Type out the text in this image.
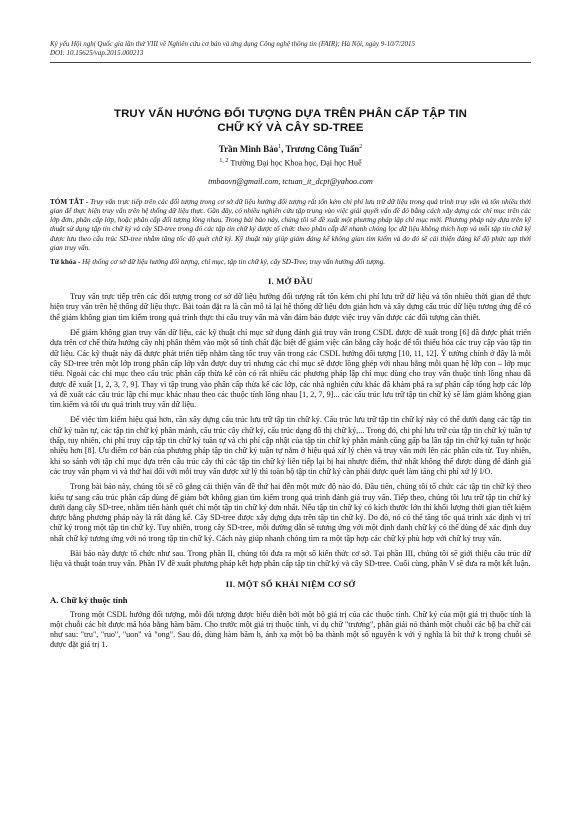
Kỷ yếu Hội nghị Quốc gia lần thứ VIII về Nghiên cứu cơ bản và ứng dụng Công nghệ thông tin (FAIR); Hà Nội, ngày 9-10/7/2015
DOI: 10.15625/vap.2015.000213
TRUY VẤN HƯỚNG ĐỐI TƯỢNG DỰA TRÊN PHÂN CẤP TẬP TIN
CHỮ KÝ VÀ CÂY SD-TREE
Trần Minh Bảo$^1$, Trương Công Tuấn$^2$
$^{1, 2}$ Trường Đại học Khoa học, Đại học Huế
tmbaovn@gmail.com, tctuan_it_dcpt@yahoo.com
TÓM TẮT - Truy vấn trực tiếp trên các đối tượng trong cơ sở dữ liệu hướng đối tượng rất tốn kém chi phí lưu trữ dữ liệu trong quá trình truy vấn và tốn nhiều thời gian để thực hiện truy vấn trên hệ thống dữ liệu thực. Gần đây, có nhiều nghiên cứu tập trung vào việc giải quyết vấn đề đó bằng cách xây dựng các chỉ mục trên các lớp đơn, phân cấp lớp, hoặc phân cấp đối tượng lồng nhau. Trong bài báo này, chúng tôi sẽ đề xuất một phương pháp lập chỉ mục mới. Phương pháp này dựa trên kỹ thuật sử dụng tập tin chữ ký và cây SD-tree trong đó các tập tin chữ ký được tổ chức theo phân cấp để nhanh chóng lọc dữ liệu không thích hợp và mỗi tập tin chữ ký được lưu theo cấu trúc SD-tree nhằm tăng tốc độ quét chữ ký. Kỹ thuật này giúp giảm đáng kể không gian tìm kiếm và do đó sẽ cải thiện đáng kể độ phức tạp thời gian truy vấn.
Từ khóa - Hệ thống cơ sở dữ liệu hướng đối tượng, chỉ mục, tập tin chữ ký, cây SD-Tree, truy vấn hướng đối tượng.
I. MỞ ĐẦU

Truy vấn trực tiếp trên các đối tượng trong cơ sở dữ liệu hướng đối tượng rất tốn kém chi phí lưu trữ dữ liệu và tốn nhiều thời gian để thực hiện truy vấn trên hệ thống dữ liệu thực. Bài toán đặt ra là cần mô tả lại hệ thống dữ liệu đơn giản hơn và xây dựng cấu trúc dữ liệu tương ứng để có thể giảm không gian tìm kiếm trong quá trình thực thi câu truy vấn mà vẫn đảm bảo được việc truy vấn được các đối tượng cần thiết.

Để giảm không gian truy vấn dữ liệu, các kỹ thuật chỉ mục sử dụng đánh giá truy vấn trong CSDL được đề xuất trong [6] đã được phát triển dựa trên cơ chế thừa hưởng cây nhị phân thêm vào một số tính chất đặc biệt để giảm việc cân bằng cây hoặc để tối thiểu hóa các truy cập vào tập tin dữ liệu. Các kỹ thuật này đã được phát triển tiếp nhằm tăng tốc truy vấn trong các CSDL hướng đối tượng [10, 11, 12]. Ý tưởng chính ở đây là mỗi cây SD-tree trên một lớp trong phân cấp lớp vẫn được duy trì nhưng các chỉ mục sẽ được lồng ghép với nhau bằng mỗi quan hệ lớp con – lớp mục tiêu. Ngoài các chỉ mục theo cấu trúc phân cấp thừa kế còn có rất nhiều các phương pháp lập chỉ mục dùng cho truy vấn thuộc tính lồng nhau đã được đề xuất [1, 2, 3, 7, 9]. Thay vì tập trung vào phân cấp thừa kế các lớp, các nhà nghiên cứu khác đã khám phá ra sự phân cấp tổng hợp các lớp và đề xuất các cấu trúc lập chỉ mục khác nhau theo các thuộc tính lồng nhau [1, 2, 7, 9]... các cấu trúc lưu trữ tập tin chữ ký sẽ làm giảm không gian tìm kiếm và tối ưu quá trình truy vấn dữ liệu.

Để việc tìm kiếm hiệu quả hơn, cần xây dựng cấu trúc lưu trữ tập tin chữ ký. Cấu trúc lưu trữ tập tin chữ ký này có thể dưới dạng các tập tin chữ ký tuần tự, các tập tin chữ ký phân mảnh, cấu trúc cây chữ ký, cấu trúc dạng đồ thị chữ ký,... Trong đó, chi phí lưu trữ của tập tin chữ ký tuần tự thấp, tuy nhiên, chi phí truy cập tập tin chữ ký tuần tự và chi phí cập nhật của tập tin chữ ký phân mảnh cũng gấp ba lần tập tin chữ ký tuần tự hoặc nhiều hơn [8]. Ưu điểm cơ bản của phương pháp tập tin chữ ký tuần tự nằm ở hiệu quả xử lý chèn và truy vấn mới lên các phân cửa từ. Tuy nhiên, khi so sánh với tập chỉ mục dựa trên cấu trúc cây thì các tập tin chữ ký liên tiếp lại bị hai nhược điểm, thứ nhất không thể được dùng để đánh giá các truy vấn phạm vi và thứ hai đối với mỗi truy vấn được xử lý thì toàn bộ tập tin chữ ký cần phải được quét làm tăng chi phí xử lý I/O.

Trong bài báo này, chúng tôi sẽ cố gắng cải thiện vấn đề thứ hai đến một mức độ nào đó. Đầu tiên, chúng tôi tổ chức các tập tin chữ ký theo kiểu tự sang cấu trúc phân cấp dùng để giảm bớt không gian tìm kiếm trong quá trình đánh giá truy vấn. Tiếp theo, chúng tôi lưu trữ tập tin chữ ký dưới dạng cây SD-tree, nhằm tiến hành quét chỉ một tập tin chữ ký đơn nhất. Nếu tập tin chữ ký có kích thước lớn thì khối lượng thời gian tiết kiệm được bằng phương pháp này là rất đáng kể. Cây SD-tree được xây dựng dựa trên tập tin chữ ký. Do đó, nó có thể tăng tốc quá trình xác định vị trí chữ ký trong một tập tin chữ ký. Tuy nhiên, trong cây SD-tree, mỗi đường dẫn sẽ tương ứng với một định danh chữ ký có thể dùng để xác định duy nhất chữ ký tương ứng với nó trong tập tin chữ ký. Cách này giúp nhanh chóng tìm ra một tập hợp các chữ ký phù hợp với chữ ký truy vấn.

Bài báo này được tổ chức như sau. Trong phần II, chúng tôi đưa ra một số kiến thức cơ sở. Tại phần III, chúng tôi sẽ giới thiệu cấu trúc dữ liệu và thuật toán truy vấn. Phần IV đề xuất phương pháp kết hợp phân cấp tập tin chữ ký và cây SD-tree. Cuối cùng, phần V sẽ đưa ra một kết luận.

II. MỘT SỐ KHÁI NIỆM CƠ SỞ
A. Chữ ký thuộc tính

Trong một CSDL hướng đối tượng, mỗi đối tượng được biểu diễn bởi một bộ giá trị của các thuộc tính. Chữ ký của một giá trị thuộc tính là một chuỗi các bít được mã hóa bằng hàm băm. Cho trước một giá trị thuộc tính, ví dụ chữ "trương", phân giải nó thành một chuỗi các bộ ba chữ cái như sau: "tru", "ruo", "uon" và "ong". Sau đó, dùng hàm băm h, ánh xạ một bộ ba thành một số nguyên k với ý nghĩa là bít thứ k trong chuỗi sẽ được đặt giá trị 1.
